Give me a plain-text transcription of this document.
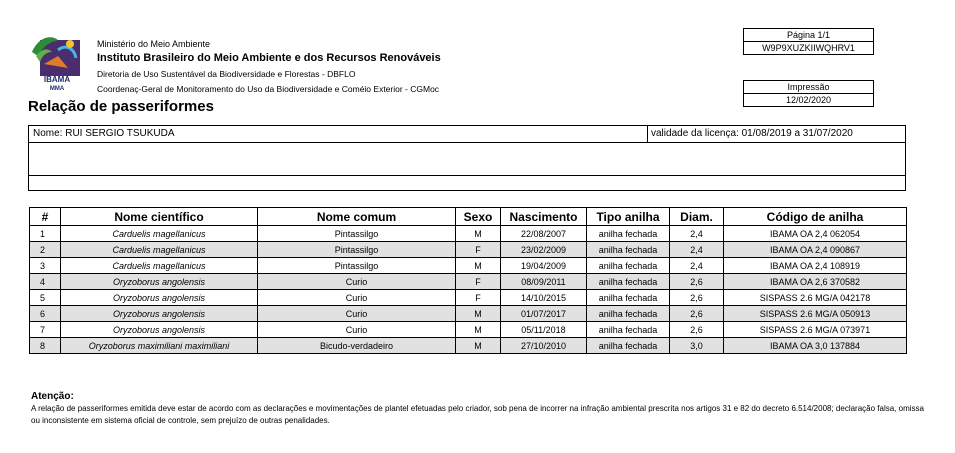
IBAMA
MMA
Ministério do Meio Ambiente
Instituto Brasileiro do Meio Ambiente e dos Recursos Renováveis
Diretoria de Uso Sustentável da Biodiversidade e Florestas - DBFLO
Coordenaç-Geral de Monitoramento do Uso da Biodiversidade e Coméio Exterior - CGMoc
Página 1/1
W9P9XUZKIIWQHRV1
Impressão
12/02/2020
Relação de passeriformes
Nome: RUI SERGIO TSUKUDA	validade da licença: 01/08/2019 a 31/07/2020
#	Nome científico	Nome comum	Sexo	Nascimento	Tipo anilha	Diam.	Código de anilha
1	Carduelis magellanicus	Pintassilgo	M	22/08/2007	anilha fechada	2,4	IBAMA OA 2,4 062054
2	Carduelis magellanicus	Pintassilgo	F	23/02/2009	anilha fechada	2,4	IBAMA OA 2,4 090867
3	Carduelis magellanicus	Pintassilgo	M	19/04/2009	anilha fechada	2,4	IBAMA OA 2,4 108919
4	Oryzoborus angolensis	Curio	F	08/09/2011	anilha fechada	2,6	IBAMA OA 2,6 370582
5	Oryzoborus angolensis	Curio	F	14/10/2015	anilha fechada	2,6	SISPASS 2.6 MG/A 042178
6	Oryzoborus angolensis	Curio	M	01/07/2017	anilha fechada	2,6	SISPASS 2.6 MG/A 050913
7	Oryzoborus angolensis	Curio	M	05/11/2018	anilha fechada	2,6	SISPASS 2.6 MG/A 073971
8	Oryzoborus maximiliani maximiliani	Bicudo-verdadeiro	M	27/10/2010	anilha fechada	3,0	IBAMA OA 3,0 137884
Atenção:
A relação de passeriformes emitida deve estar de acordo com as declarações e movimentações de plantel efetuadas pelo criador, sob pena de incorrer na infração ambiental prescrita nos artigos 31 e 82 do decreto 6.514/2008; declaração falsa, omissa ou inconsistente em sistema oficial de controle, sem prejuízo de outras penalidades.
